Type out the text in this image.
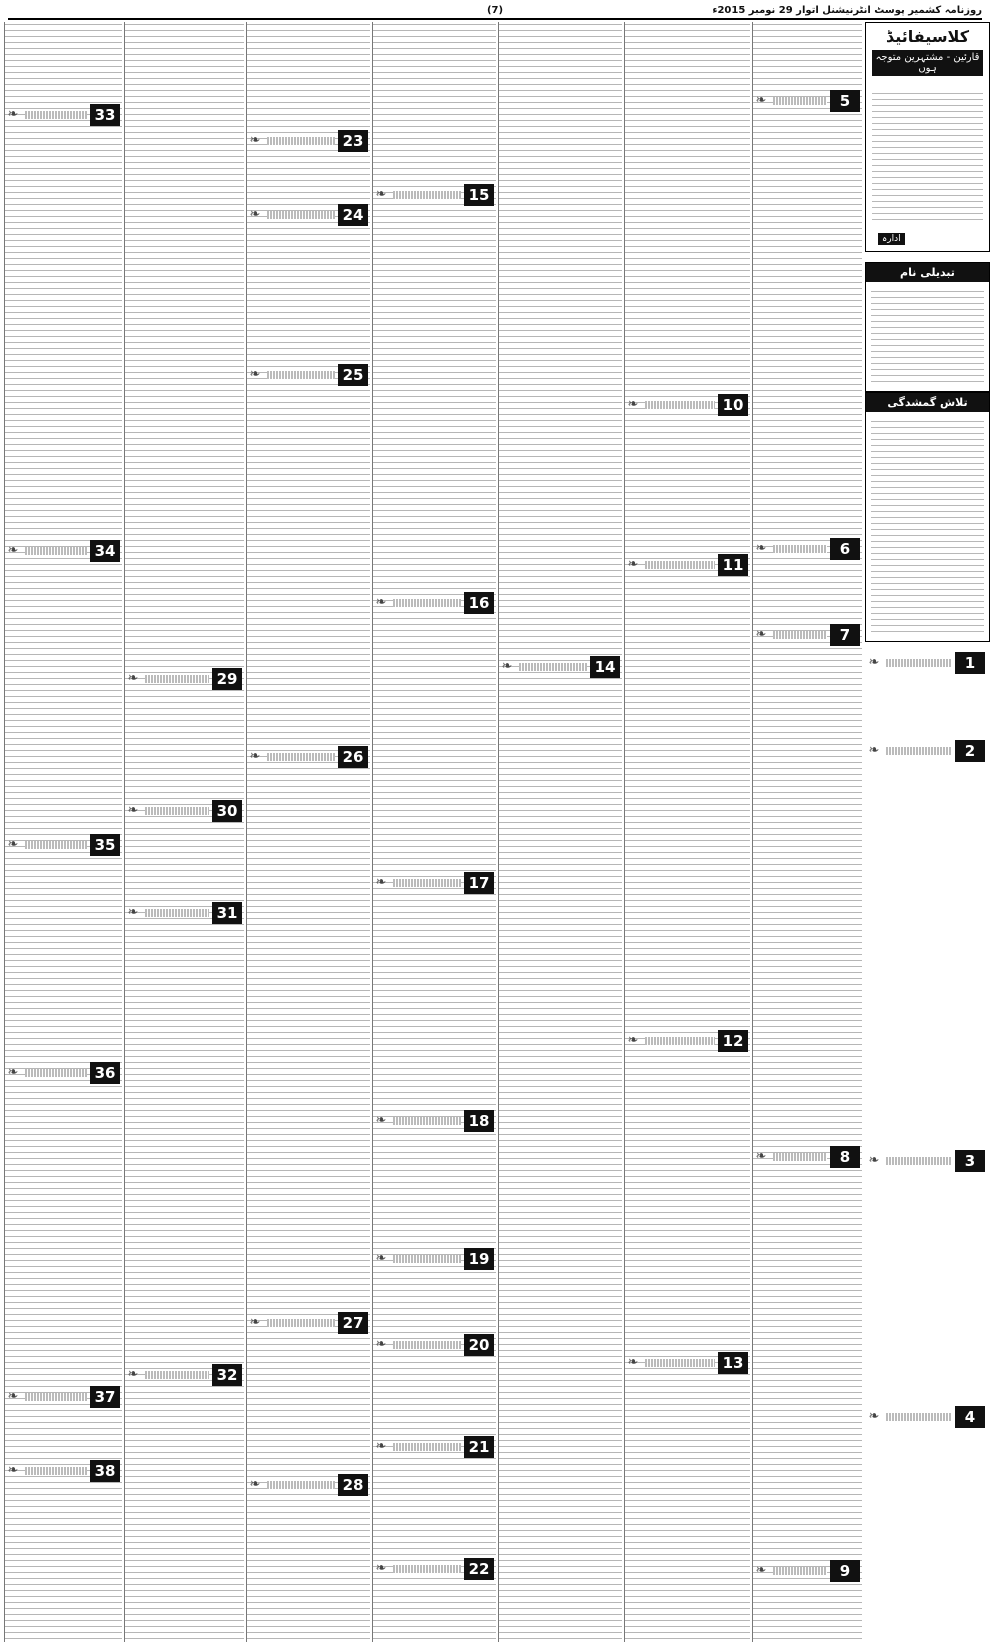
روزنامہ کشمیر پوسٹ انٹرنیشنل اتوار 29 نومبر 2015ء
(7)
کلاسیفائیڈ
قارئین - مشتہرین متوجہ ہوں
ادارہ
تبدیلی نام
تلاش گمشدگی
❧	1
❧	2
❧	3
❧	4
❧	5
❧	6
❧	7
❧	8
❧	9
❧	10
❧	11
❧	12
❧	13
❧	14
❧	15
❧	16
❧	17
❧	18
❧	19
❧	20
❧	21
❧	22
❧	23
❧	24
❧	25
❧	26
❧	27
❧	28
❧	29
❧	30
❧	31
❧	32
❧	33
❧	34
❧	35
❧	36
❧	37
❧	38
